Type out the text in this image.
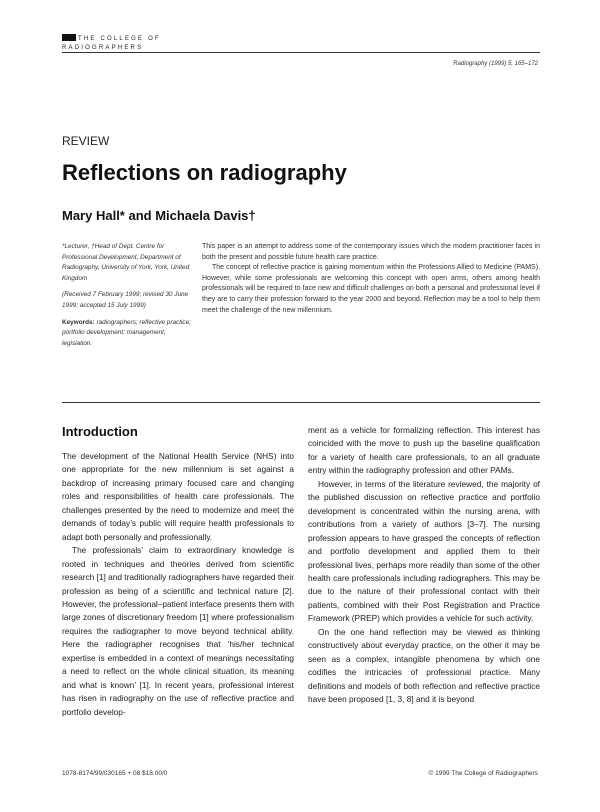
THE COLLEGE OF
RADIOGRAPHERS
Radiography (1999) 5, 165–172
REVIEW
Reflections on radiography
Mary Hall* and Michaela Davis†

*Lecturer, †Head of Dept. Centre for Professional Development, Department of Radiography, University of York, York, United Kingdom

(Received 7 February 1999; revised 30 June 1999; accepted 15 July 1999)

Keywords: radiographers; reflective practice; portfolio development; management; legislation.

This paper is an attempt to address some of the contemporary issues which the modern practitioner faces in both the present and possible future health care practice.

The concept of reflective practice is gaining momentum within the Professions Allied to Medicine (PAMS). However, while some professionals are welcoming this concept with open arms, others among health professionals will be required to face new and difficult challenges on both a personal and professional level if they are to carry their profession forward to the year 2000 and beyond. Reflection may be a tool to help them meet the challenge of the new millennium.

Introduction

The development of the National Health Service (NHS) into one appropriate for the new millennium is set against a backdrop of increasing primary focused care and changing roles and responsibilities of health care professionals. The challenges presented by the need to modernize and meet the demands of today’s public will require health professionals to adapt both personally and professionally.

The professionals’ claim to extraordinary knowledge is rooted in techniques and theories derived from scientific research [1] and traditionally radiographers have regarded their profession as being of a scientific and technical nature [2]. However, the professional–patient interface presents them with large zones of discretionary freedom [1] where professionalism requires the radiographer to move beyond technical ability. Here the radiographer recognises that ‘his/her technical expertise is embedded in a context of meanings necessitating a need to reflect on the whole clinical situation, its meaning and what is known’ [1]. In recent years, professional interest has risen in radiography on the use of reflective practice and portfolio develop-

ment as a vehicle for formalizing reflection. This interest has coincided with the move to push up the baseline qualification for a variety of health care professionals, to an all graduate entry within the radiography profession and other PAMs.

However, in terms of the literature reviewed, the majority of the published discussion on reflective practice and portfolio development is concentrated within the nursing arena, with contributions from a variety of authors [3–7]. The nursing profession appears to have grasped the concepts of reflection and portfolio development and applied them to their professional lives, perhaps more readily than some of the other health care professionals including radiographers. This may be due to the nature of their professional contact with their patients, combined with their Post Registration and Practice Framework (PREP) which provides a vehicle for such activity.

On the one hand reflection may be viewed as thinking constructively about everyday practice, on the other it may be seen as a complex, intangible phenomena by which one codifies the intricacies of professional practice. Many definitions and models of both reflection and reflective practice have been proposed [1, 3, 8] and it is beyond

1078-8174/99/030165 + 08 $18.00/0	© 1999 The College of Radiographers
